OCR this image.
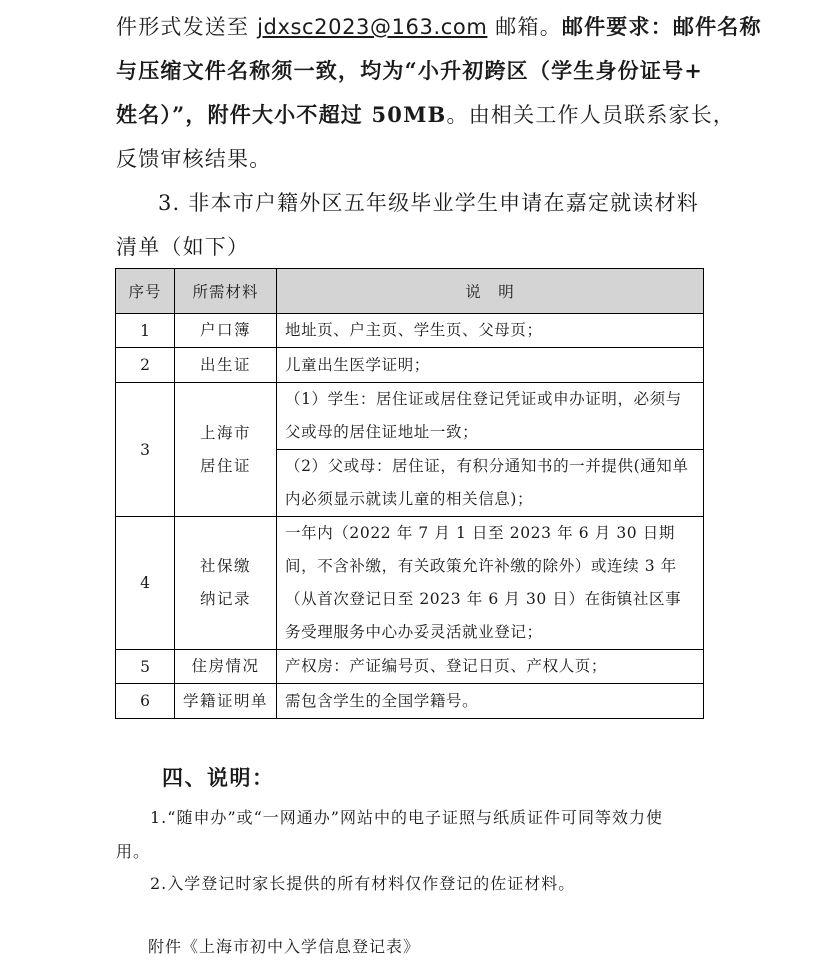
件形式发送至 jdxsc2023@163.com 邮箱。邮件要求：邮件名称
与压缩文件名称须一致，均为“小升初跨区（学生身份证号+
姓名）”，附件大小不超过 50MB。由相关工作人员联系家长，
反馈审核结果。
3. 非本市户籍外区五年级毕业学生申请在嘉定就读材料
清单（如下）
序号	所需材料	说　明
1	户口簿	地址页、户主页、学生页、父母页；
2	出生证	儿童出生医学证明；
3	上海市居住证	（1）学生：居住证或居住登记凭证或申办证明，必须与父或母的居住证地址一致；
		（2）父或母：居住证，有积分通知书的一并提供(通知单内必须显示就读儿童的相关信息)；
4	社保缴纳记录	一年内（2022 年 7 月 1 日至 2023 年 6 月 30 日期间，不含补缴，有关政策允许补缴的除外）或连续 3 年（从首次登记日至 2023 年 6 月 30 日）在街镇社区事务受理服务中心办妥灵活就业登记；
5	住房情况	产权房：产证编号页、登记日页、产权人页；
6	学籍证明单	需包含学生的全国学籍号。
四、说明：
1.“随申办”或“一网通办”网站中的电子证照与纸质证件可同等效力使
用。
2.入学登记时家长提供的所有材料仅作登记的佐证材料。
附件《上海市初中入学信息登记表》
